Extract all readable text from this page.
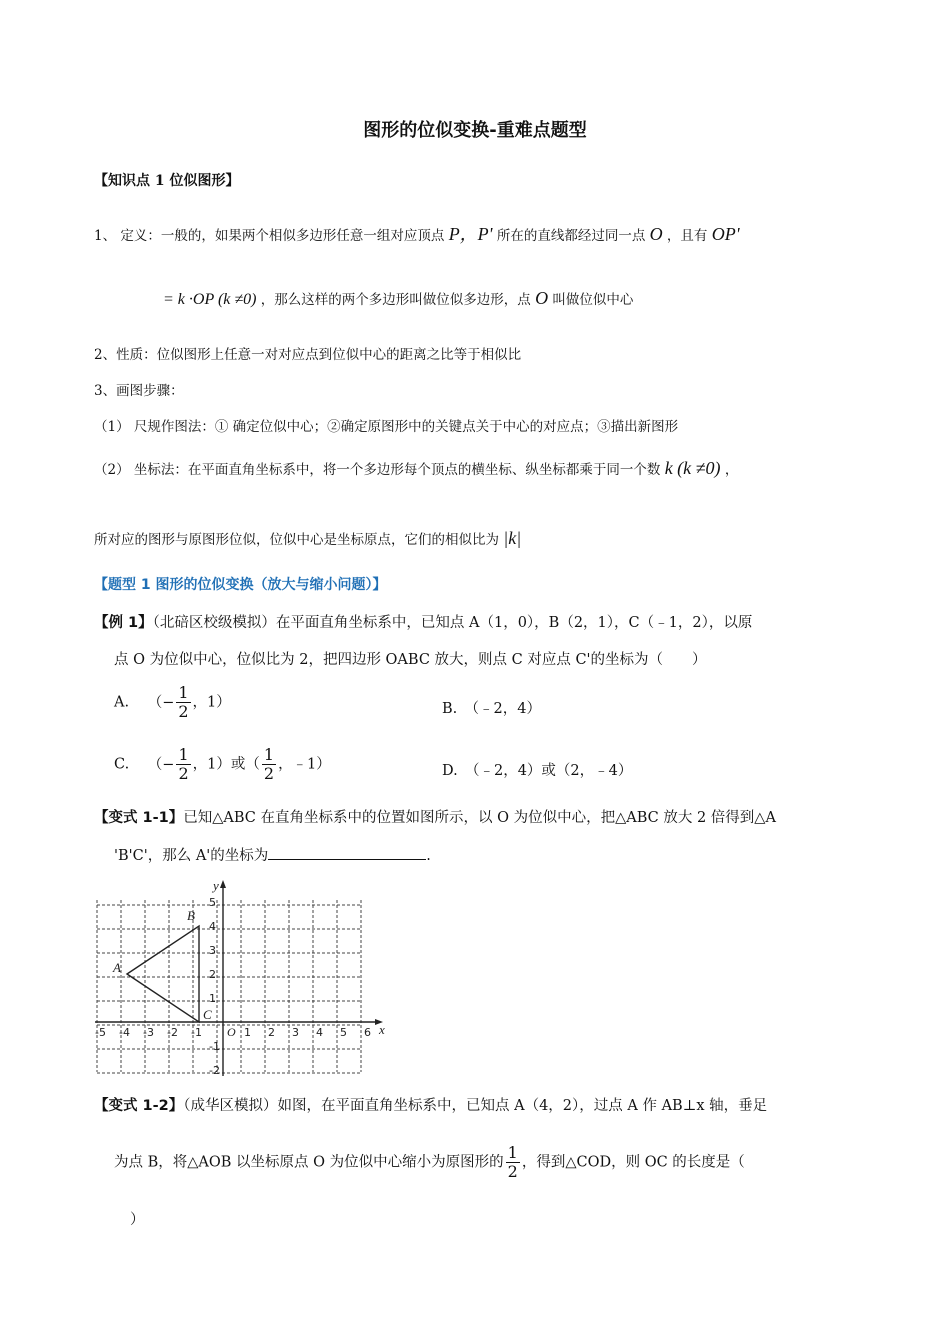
图形的位似变换-重难点题型
【知识点 1 位似图形】
1、 定义：一般的，如果两个相似多边形任意一组对应顶点 P，P' 所在的直线都经过同一点 O ，且有 OP'
= k ·OP (k ≠0) ，那么这样的两个多边形叫做位似多边形，点 O 叫做位似中心
2、性质：位似图形上任意一对对应点到位似中心的距离之比等于相似比
3、画图步骤：
（1） 尺规作图法：① 确定位似中心；②确定原图形中的关键点关于中心的对应点；③描出新图形
（2） 坐标法：在平面直角坐标系中，将一个多边形每个顶点的横坐标、纵坐标都乘于同一个数 k (k ≠0) ，
所对应的图形与原图形位似，位似中心是坐标原点，它们的相似比为 |k|
【题型 1 图形的位似变换（放大与缩小问题）】
【例 1】（北碚区校级模拟）在平面直角坐标系中，已知点 A（1，0），B（2，1），C（﹣1，2），以原
点 O 为位似中心，位似比为 2，把四边形 OABC 放大，则点 C 对应点 C'的坐标为（　　）
A. （− $\frac{1}{2}$ ，1）	B.　（﹣2，4）
C. （− $\frac{1}{2}$ ，1）或（ $\frac{1}{2}$ ，﹣1）	D.　（﹣2，4）或（2，﹣4）
【变式 1-1】已知△ABC 在直角坐标系中的位置如图所示，以 O 为位似中心，把△ABC 放大 2 倍得到△A
'B'C'，那么 A'的坐标为	.
x
y
O
-5 -4 -3 -2 -1	1 2 3 4 5 6
5
4
3
2
1
-1
-2
A
B
C
【变式 1-2】（成华区模拟）如图，在平面直角坐标系中，已知点 A（4，2），过点 A 作 AB⊥x 轴，垂足
为点 B，将△AOB 以坐标原点 O 为位似中心缩小为原图形的 $\frac{1}{2}$ ，得到△COD，则 OC 的长度是（
）
